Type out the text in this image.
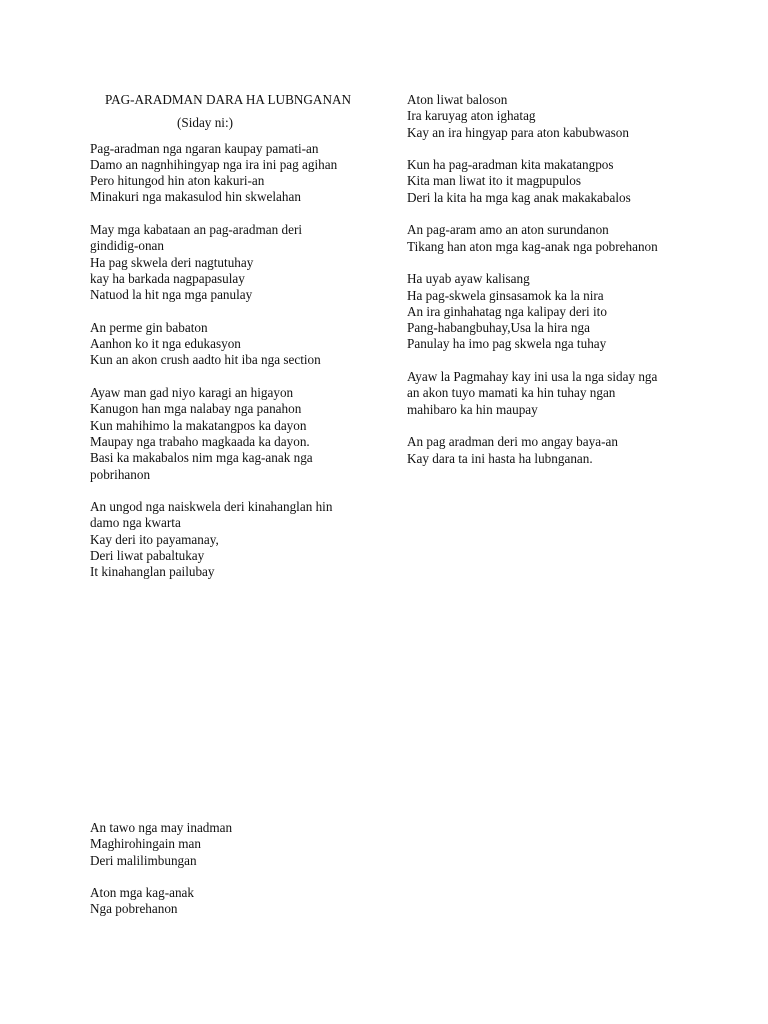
PAG-ARADMAN DARA HA LUBNGANAN
(Siday ni:)
Pag-aradman nga ngaran kaupay pamati-an
Damo an nagnhihingyap nga ira ini pag agihan
Pero hitungod hin aton kakuri-an
Minakuri nga makasulod hin skwelahan
May mga kabataan an pag-aradman deri
gindidig-onan
Ha pag skwela deri nagtutuhay
kay ha barkada nagpapasulay
Natuod la hit nga mga panulay
An perme gin babaton
Aanhon ko it nga edukasyon
Kun an akon crush aadto hit iba nga section
Ayaw man gad niyo karagi an higayon
Kanugon han mga nalabay nga panahon
Kun mahihimo la makatangpos ka dayon
Maupay nga trabaho magkaada ka dayon.
Basi ka makabalos nim mga kag-anak nga
pobrihanon
An ungod nga naiskwela deri kinahanglan hin
damo nga kwarta
Kay deri ito payamanay,
Deri liwat pabaltukay
It kinahanglan pailubay
Aton liwat baloson
Ira karuyag aton ighatag
Kay an ira hingyap para aton kabubwason
Kun ha pag-aradman kita makatangpos
Kita man liwat ito it magpupulos
Deri la kita ha mga kag anak makakabalos
An pag-aram amo an aton surundanon
Tikang han aton mga kag-anak nga pobrehanon
Ha uyab ayaw kalisang
Ha pag-skwela ginsasamok ka la nira
An ira ginhahatag nga kalipay deri ito
Pang-habangbuhay,Usa la hira nga
Panulay ha imo pag skwela nga tuhay
Ayaw la Pagmahay kay ini usa la nga siday nga
an akon tuyo mamati ka hin tuhay ngan
mahibaro ka hin maupay
An pag aradman deri mo angay baya-an
Kay dara ta ini hasta ha lubnganan.
An tawo nga may inadman
Maghirohingain man
Deri malilimbungan
Aton mga kag-anak
Nga pobrehanon
